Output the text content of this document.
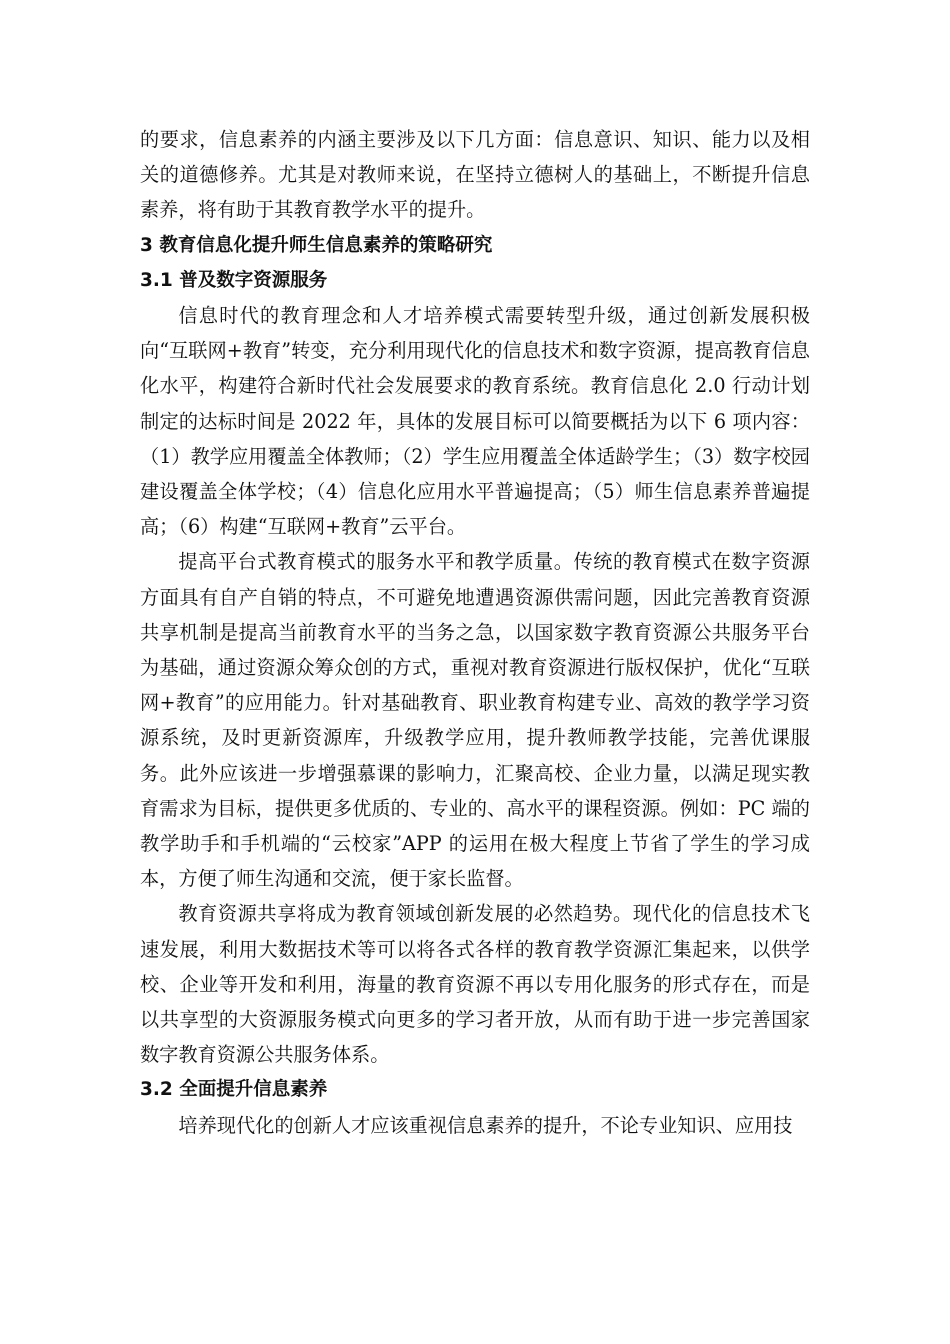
的要求，信息素养的内涵主要涉及以下几方面：信息意识、知识、能力以及相关的道德修养。尤其是对教师来说，在坚持立德树人的基础上，不断提升信息素养，将有助于其教育教学水平的提升。

3 教育信息化提升师生信息素养的策略研究
3.1 普及数字资源服务

信息时代的教育理念和人才培养模式需要转型升级，通过创新发展积极向“互联网+教育”转变，充分利用现代化的信息技术和数字资源，提高教育信息化水平，构建符合新时代社会发展要求的教育系统。教育信息化 2.0 行动计划制定的达标时间是 2022 年，具体的发展目标可以简要概括为以下 6 项内容：（1）教学应用覆盖全体教师；（2）学生应用覆盖全体适龄学生；（3）数字校园建设覆盖全体学校；（4）信息化应用水平普遍提高；（5）师生信息素养普遍提高；（6）构建“互联网+教育”云平台。

提高平台式教育模式的服务水平和教学质量。传统的教育模式在数字资源方面具有自产自销的特点，不可避免地遭遇资源供需问题，因此完善教育资源共享机制是提高当前教育水平的当务之急，以国家数字教育资源公共服务平台为基础，通过资源众筹众创的方式，重视对教育资源进行版权保护，优化“互联网+教育”的应用能力。针对基础教育、职业教育构建专业、高效的教学学习资源系统，及时更新资源库，升级教学应用，提升教师教学技能，完善优课服务。此外应该进一步增强慕课的影响力，汇聚高校、企业力量，以满足现实教育需求为目标，提供更多优质的、专业的、高水平的课程资源。例如：PC 端的教学助手和手机端的“云校家”APP 的运用在极大程度上节省了学生的学习成本，方便了师生沟通和交流，便于家长监督。

教育资源共享将成为教育领域创新发展的必然趋势。现代化的信息技术飞速发展，利用大数据技术等可以将各式各样的教育教学资源汇集起来，以供学校、企业等开发和利用，海量的教育资源不再以专用化服务的形式存在，而是以共享型的大资源服务模式向更多的学习者开放，从而有助于进一步完善国家数字教育资源公共服务体系。

3.2 全面提升信息素养

培养现代化的创新人才应该重视信息素养的提升，不论专业知识、应用技
